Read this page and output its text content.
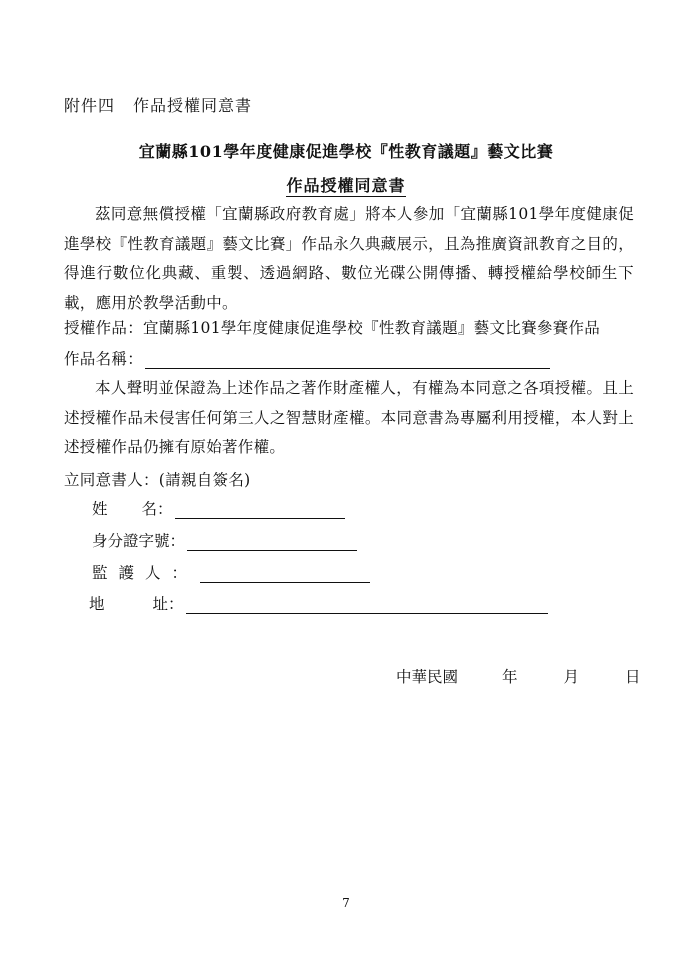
附件四 作品授權同意書
宜蘭縣101學年度健康促進學校『性教育議題』藝文比賽
作品授權同意書

茲同意無償授權「宜蘭縣政府教育處」將本人參加「宜蘭縣101學年度健康促進學校『性教育議題』藝文比賽」作品永久典藏展示，且為推廣資訊教育之目的，得進行數位化典藏、重製、透過網路、數位光碟公開傳播、轉授權給學校師生下載，應用於教學活動中。

授權作品：宜蘭縣101學年度健康促進學校『性教育議題』藝文比賽參賽作品
作品名稱：

本人聲明並保證為上述作品之著作財產權人，有權為本同意之各項授權。且上述授權作品未侵害任何第三人之智慧財產權。本同意書為專屬利用授權，本人對上述授權作品仍擁有原始著作權。

立同意書人：(請親自簽名)
姓名：
身分證字號：
監護人：
地址：
中華民國	年	月	日
7
